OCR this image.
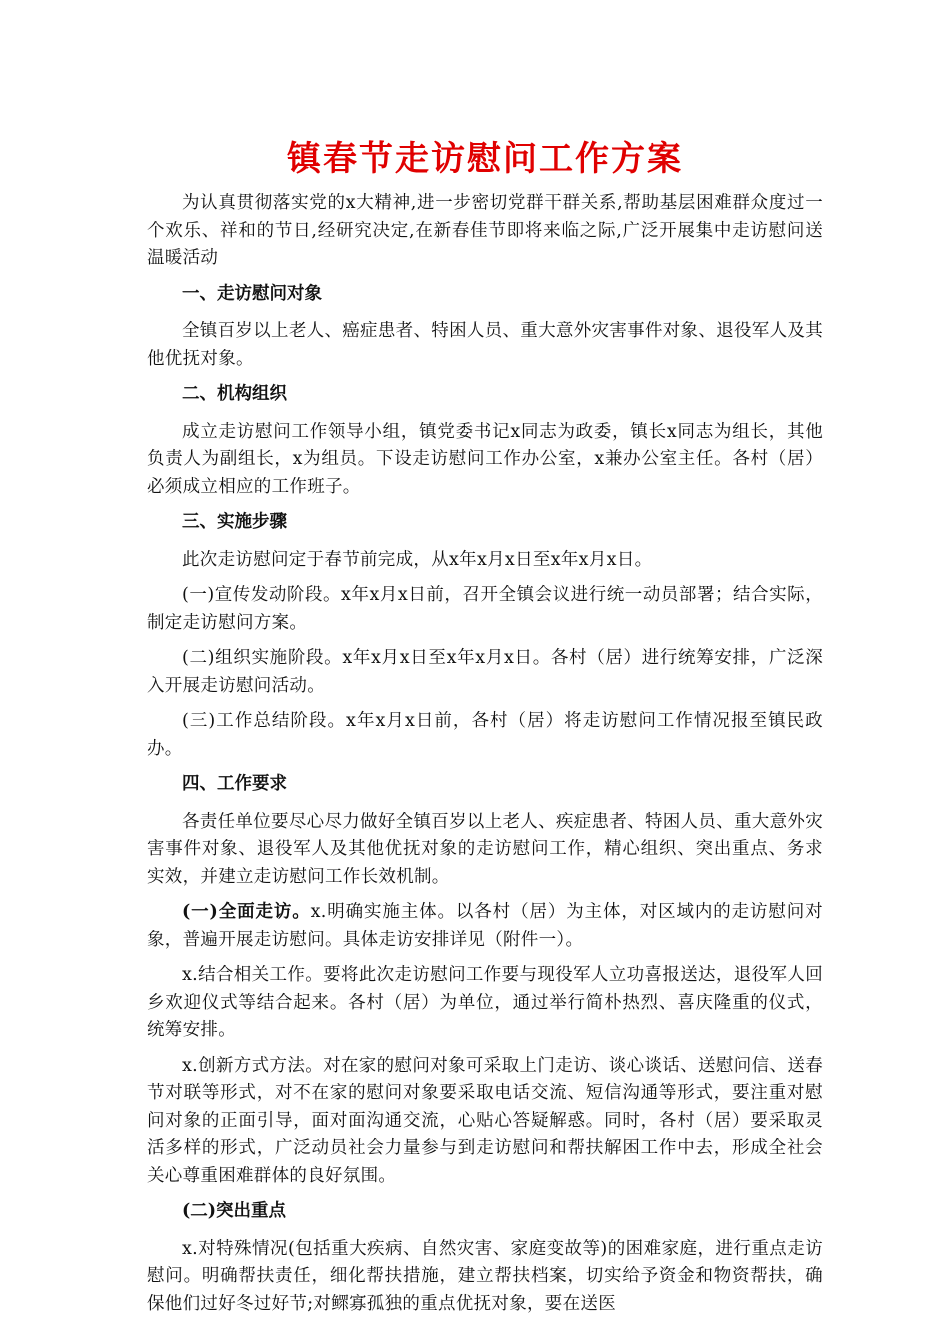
镇春节走访慰问工作方案

为认真贯彻落实党的x大精神,进一步密切党群干群关系,帮助基层困难群众度过一个欢乐、祥和的节日,经研究决定,在新春佳节即将来临之际,广泛开展集中走访慰问送温暖活动

一、走访慰问对象

全镇百岁以上老人、癌症患者、特困人员、重大意外灾害事件对象、退役军人及其他优抚对象。

二、机构组织

成立走访慰问工作领导小组，镇党委书记x同志为政委，镇长x同志为组长，其他负责人为副组长，x为组员。下设走访慰问工作办公室，x兼办公室主任。各村（居）必须成立相应的工作班子。

三、实施步骤

此次走访慰问定于春节前完成，从x年x月x日至x年x月x日。

(一)宣传发动阶段。x年x月x日前，召开全镇会议进行统一动员部署；结合实际，制定走访慰问方案。

(二)组织实施阶段。x年x月x日至x年x月x日。各村（居）进行统筹安排，广泛深入开展走访慰问活动。

(三)工作总结阶段。x年x月x日前，各村（居）将走访慰问工作情况报至镇民政办。

四、工作要求

各责任单位要尽心尽力做好全镇百岁以上老人、疾症患者、特困人员、重大意外灾害事件对象、退役军人及其他优抚对象的走访慰问工作，精心组织、突出重点、务求实效，并建立走访慰问工作长效机制。

(一)全面走访。x.明确实施主体。以各村（居）为主体，对区域内的走访慰问对象，普遍开展走访慰问。具体走访安排详见（附件一）。

x.结合相关工作。要将此次走访慰问工作要与现役军人立功喜报送达，退役军人回乡欢迎仪式等结合起来。各村（居）为单位，通过举行简朴热烈、喜庆隆重的仪式，统筹安排。

x.创新方式方法。对在家的慰问对象可采取上门走访、谈心谈话、送慰问信、送春节对联等形式，对不在家的慰问对象要采取电话交流、短信沟通等形式，要注重对慰问对象的正面引导，面对面沟通交流，心贴心答疑解惑。同时，各村（居）要采取灵活多样的形式，广泛动员社会力量参与到走访慰问和帮扶解困工作中去，形成全社会关心尊重困难群体的良好氛围。

(二)突出重点

x.对特殊情况(包括重大疾病、自然灾害、家庭变故等)的困难家庭，进行重点走访慰问。明确帮扶责任，细化帮扶措施，建立帮扶档案，切实给予资金和物资帮扶，确保他们过好冬过好节;对鳏寡孤独的重点优抚对象，要在送医
